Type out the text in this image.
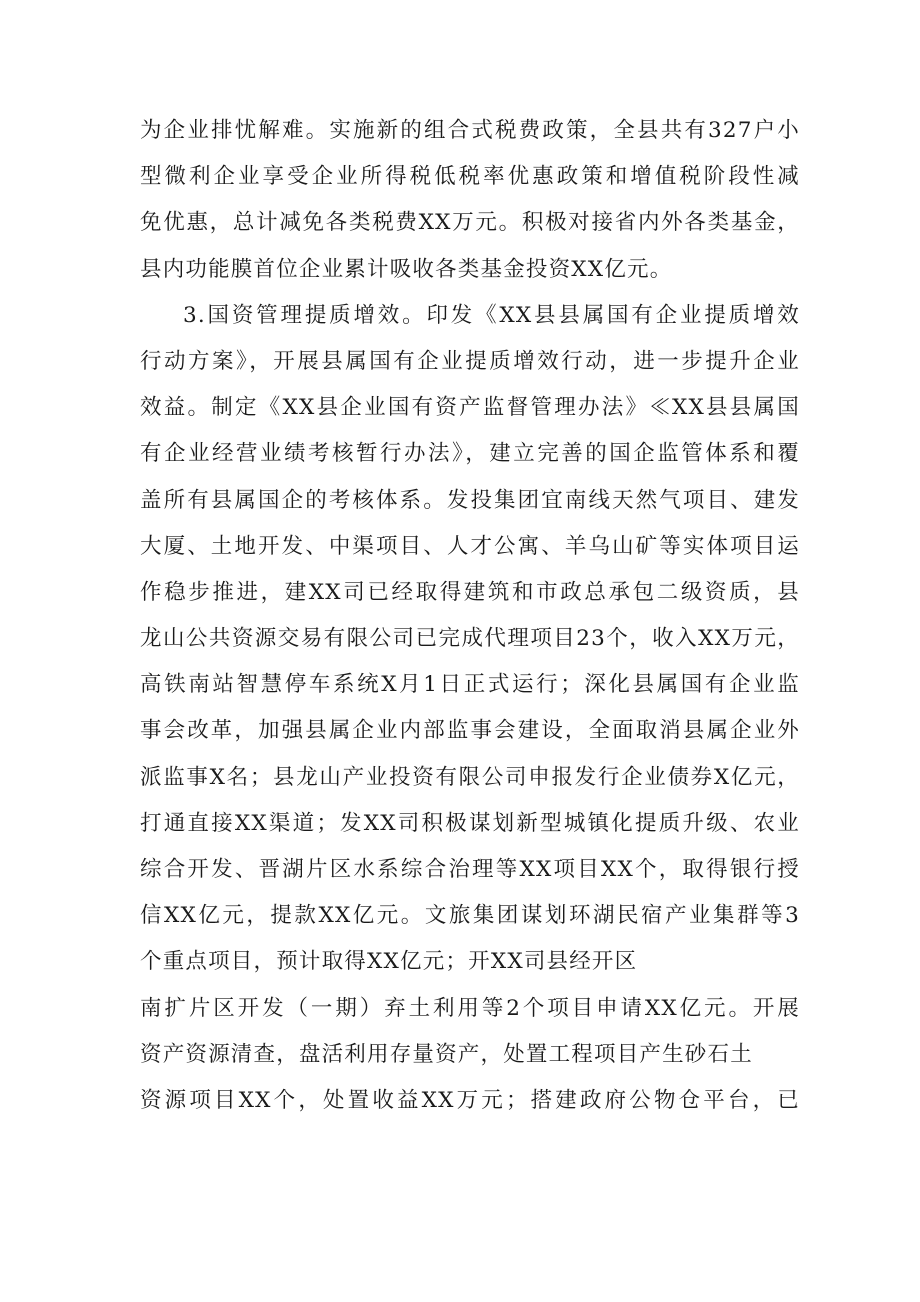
为企业排忧解难。实施新的组合式税费政策，全县共有327户小
型微利企业享受企业所得税低税率优惠政策和增值税阶段性减
免优惠，总计减免各类税费XX万元。积极对接省内外各类基金，
县内功能膜首位企业累计吸收各类基金投资XX亿元。
3.国资管理提质增效。印发《XX县县属国有企业提质增效
行动方案》，开展县属国有企业提质增效行动，进一步提升企业
效益。制定《XX县企业国有资产监督管理办法》≪XX县县属国
有企业经营业绩考核暂行办法》，建立完善的国企监管体系和覆
盖所有县属国企的考核体系。发投集团宜南线天然气项目、建发
大厦、土地开发、中渠项目、人才公寓、羊乌山矿等实体项目运
作稳步推进，建XX司已经取得建筑和市政总承包二级资质，县
龙山公共资源交易有限公司已完成代理项目23个，收入XX万元，
高铁南站智慧停车系统X月1日正式运行；深化县属国有企业监
事会改革，加强县属企业内部监事会建设，全面取消县属企业外
派监事X名；县龙山产业投资有限公司申报发行企业债券X亿元，
打通直接XX渠道；发XX司积极谋划新型城镇化提质升级、农业
综合开发、晋湖片区水系综合治理等XX项目XX个，取得银行授
信XX亿元，提款XX亿元。文旅集团谋划环湖民宿产业集群等3
个重点项目，预计取得XX亿元；开XX司县经开区
南扩片区开发（一期）弃土利用等2个项目申请XX亿元。开展
资产资源清查，盘活利用存量资产，处置工程项目产生砂石土
资源项目XX个，处置收益XX万元；搭建政府公物仓平台，已
